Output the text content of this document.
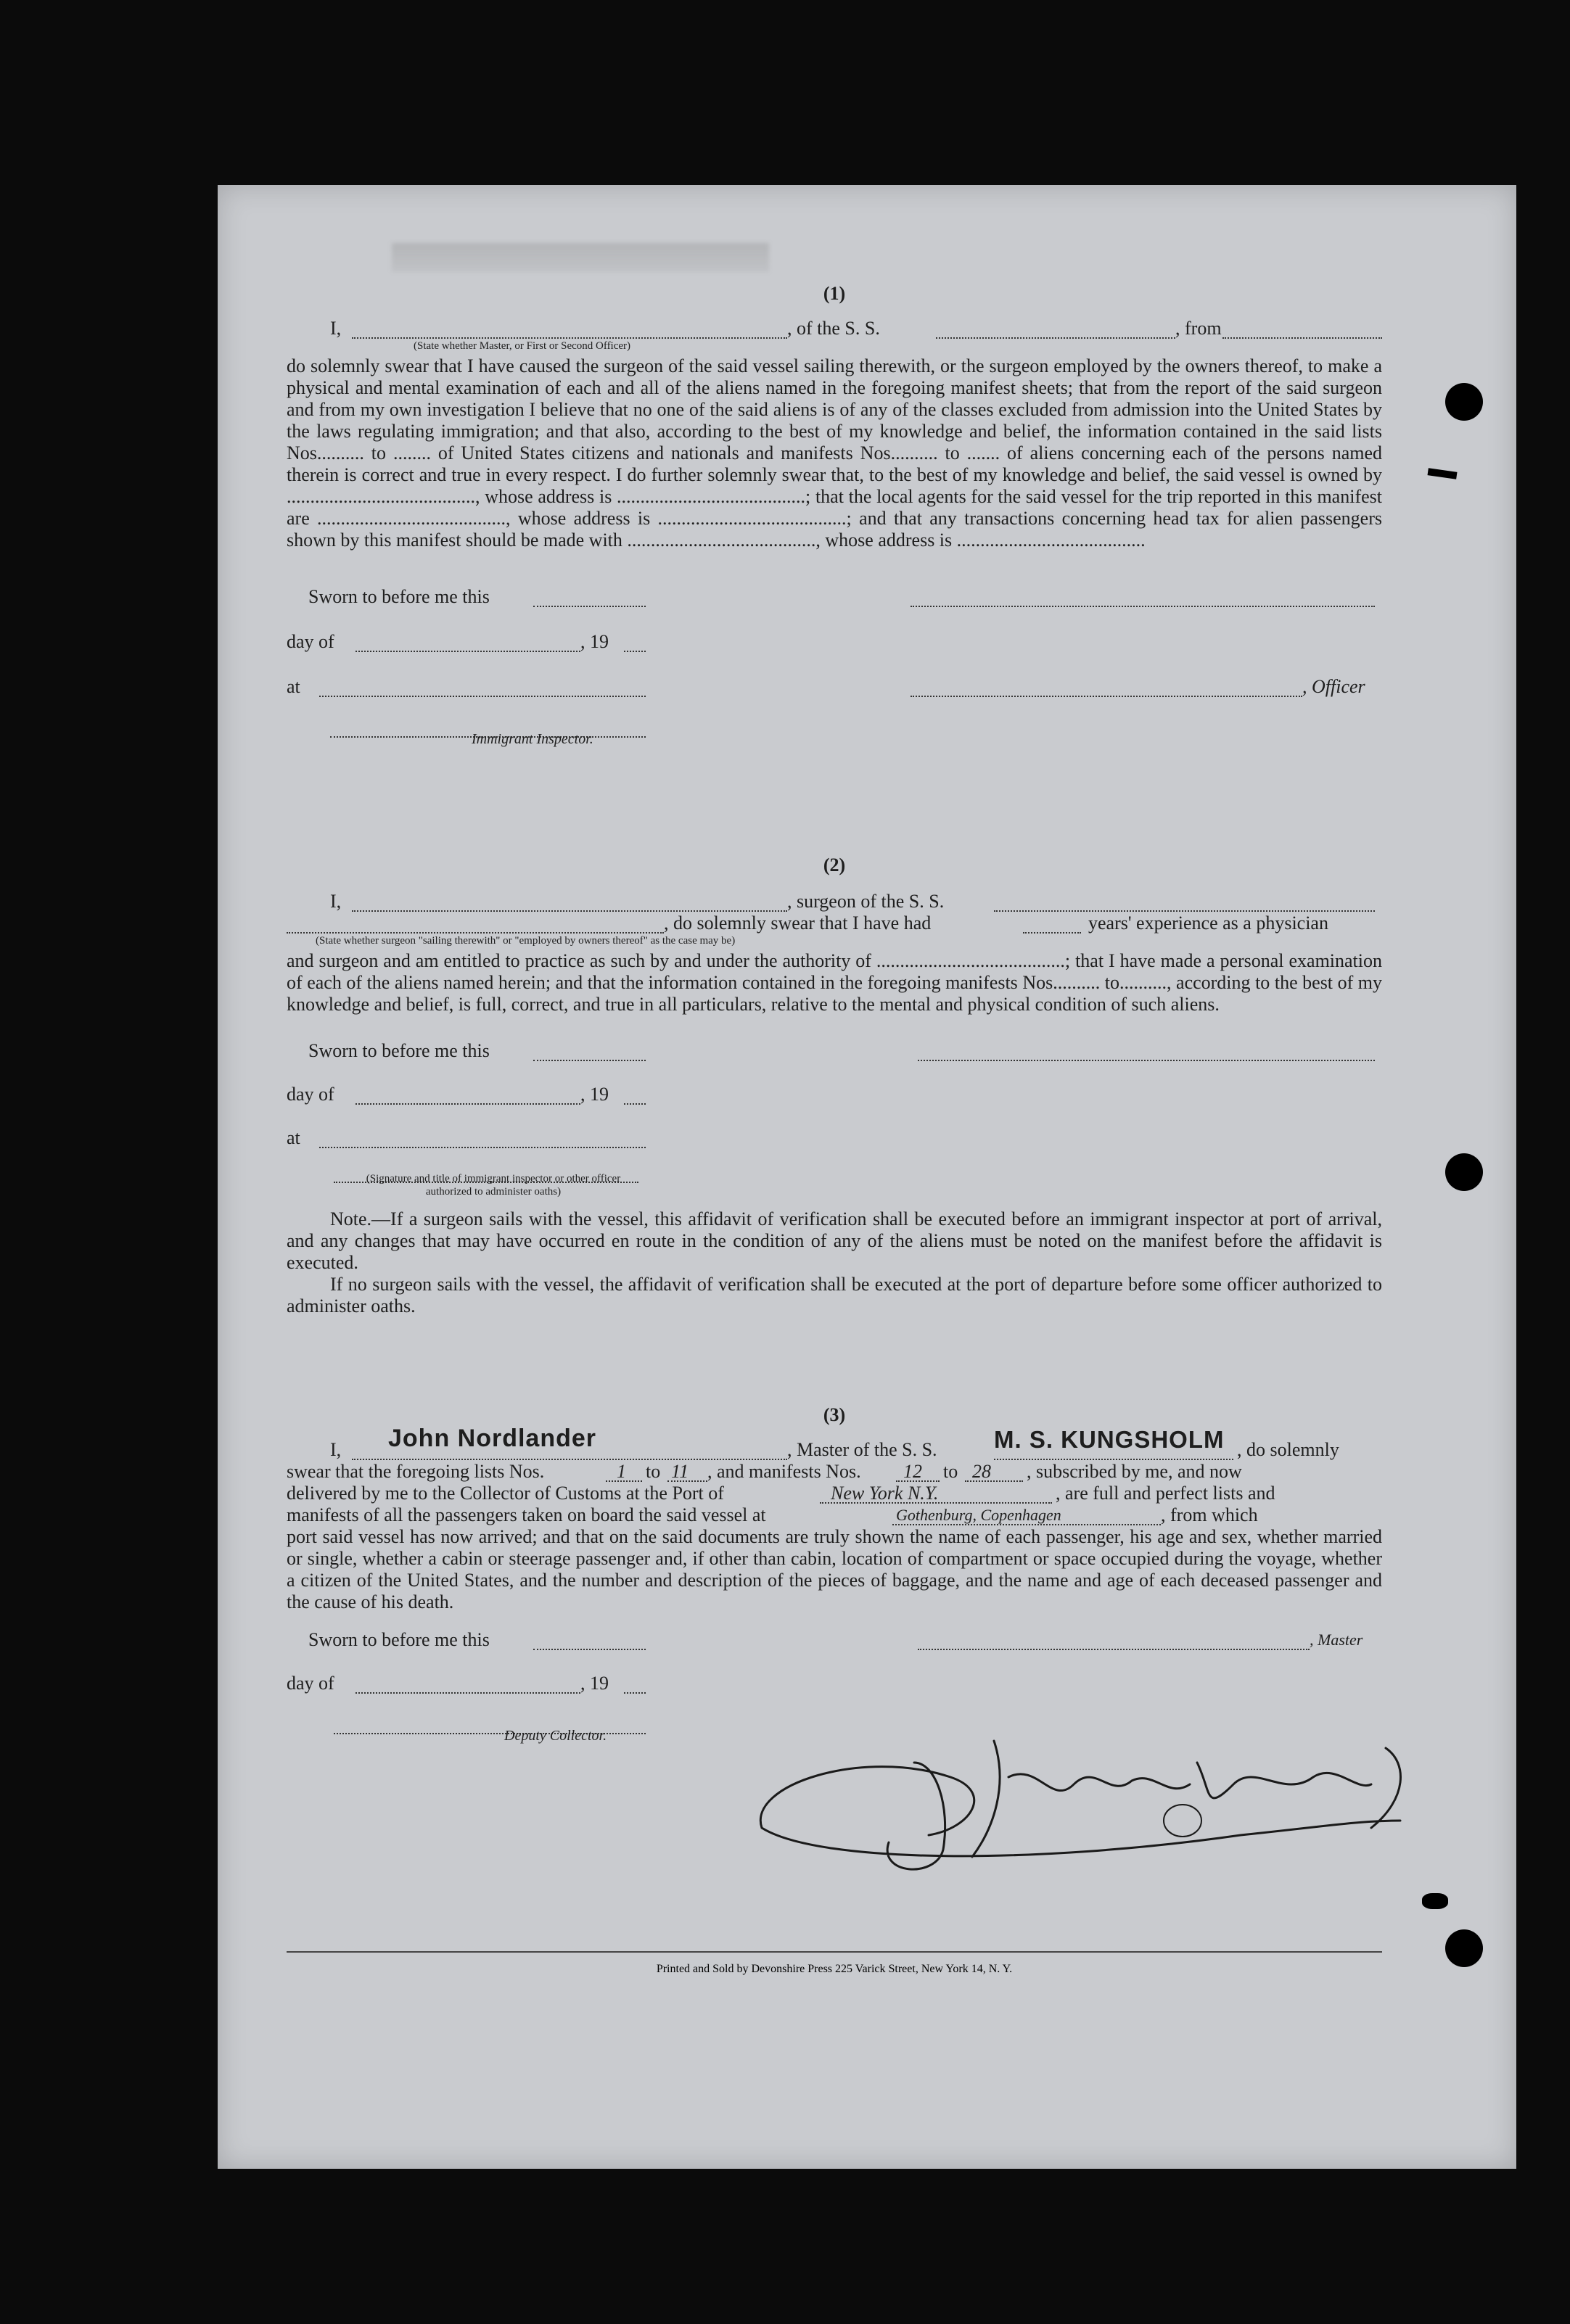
(1)
I,	, of the S. S.	, from
(State whether Master, or First or Second Officer)

do solemnly swear that I have caused the surgeon of the said vessel sailing therewith, or the surgeon employed by the owners thereof, to make a physical and mental examination of each and all of the aliens named in the foregoing manifest sheets; that from the report of the said surgeon and from my own investigation I believe that no one of the said aliens is of any of the classes excluded from admission into the United States by the laws regulating immigration; and that also, according to the best of my knowledge and belief, the information contained in the said lists Nos.......... to ........ of United States citizens and nationals and manifests Nos.......... to ....... of aliens concerning each of the persons named therein is correct and true in every respect. I do further solemnly swear that, to the best of my knowledge and belief, the said vessel is owned by ........................................, whose address is ........................................; that the local agents for the said vessel for the trip reported in this manifest are ........................................, whose address is ........................................; and that any transactions concerning head tax for alien passengers shown by this manifest should be made with ........................................, whose address is ........................................

Sworn to before me this
day of	, 19
at	, Officer
Immigrant Inspector.
(2)
I,	, surgeon of the S. S.
, do solemnly swear that I have had	years' experience as a physician
(State whether surgeon "sailing therewith" or "employed by owners thereof" as the case may be)

and surgeon and am entitled to practice as such by and under the authority of ........................................; that I have made a personal examination of each of the aliens named herein; and that the information contained in the foregoing manifests Nos.......... to.........., according to the best of my knowledge and belief, is full, correct, and true in all particulars, relative to the mental and physical condition of such aliens.

Sworn to before me this
day of	, 19
at
(Signature and title of immigrant inspector or other officer authorized to administer oaths)

Note.—If a surgeon sails with the vessel, this affidavit of verification shall be executed before an immigrant inspector at port of arrival, and any changes that may have occurred en route in the condition of any of the aliens must be noted on the manifest before the affidavit is executed.

If no surgeon sails with the vessel, the affidavit of verification shall be executed at the port of departure before some officer authorized to administer oaths.

(3)
I, John Nordlander	, Master of the S. S. M. S. KUNGSHOLM , do solemnly
swear that the foregoing lists Nos.	1 to 11 , and manifests Nos. 12 to 28 , subscribed by me, and now
delivered by me to the Collector of Customs at the Port of	New York N.Y.	, are full and perfect lists and
manifests of all the passengers taken on board the said vessel at	Gothenburg, Copenhagen	, from which

port said vessel has now arrived; and that on the said documents are truly shown the name of each passenger, his age and sex, whether married or single, whether a cabin or steerage passenger and, if other than cabin, location of compartment or space occupied during the voyage, whether a citizen of the United States, and the number and description of the pieces of baggage, and the name and age of each deceased passenger and the cause of his death.

Sworn to before me this	, Master
day of	, 19
Deputy Collector.
Printed and Sold by Devonshire Press 225 Varick Street, New York 14, N. Y.
